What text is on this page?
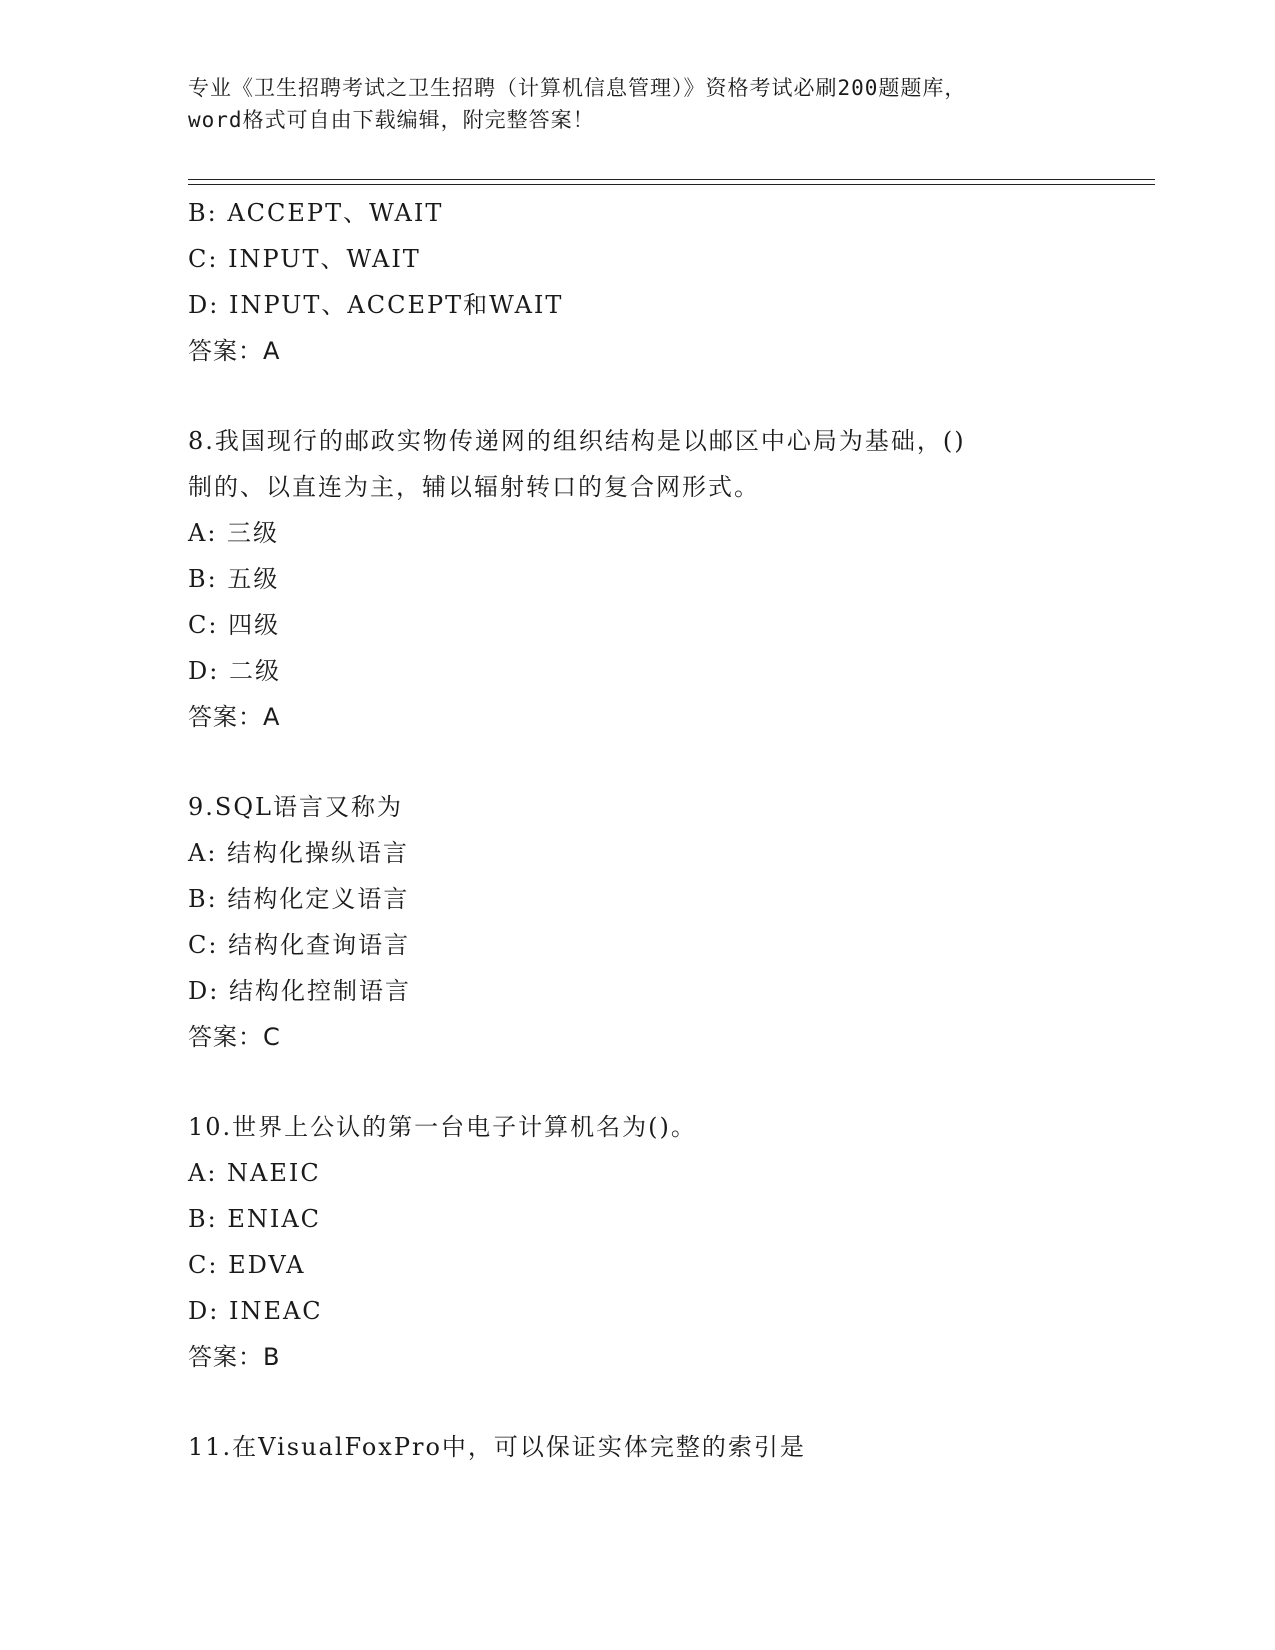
专业《卫生招聘考试之卫生招聘（计算机信息管理）》资格考试必刷200题题库，
word格式可自由下载编辑，附完整答案！
B: ACCEPT、WAIT
C: INPUT、WAIT
D: INPUT、ACCEPT和WAIT
答案：A
8.我国现行的邮政实物传递网的组织结构是以邮区中心局为基础，()
制的、以直连为主，辅以辐射转口的复合网形式。
A: 三级
B: 五级
C: 四级
D: 二级
答案：A
9.SQL语言又称为
A: 结构化操纵语言
B: 结构化定义语言
C: 结构化查询语言
D: 结构化控制语言
答案：C
10.世界上公认的第一台电子计算机名为()。
A: NAEIC
B: ENIAC
C: EDVA
D: INEAC
答案：B
11.在VisualFoxPro中，可以保证实体完整的索引是
